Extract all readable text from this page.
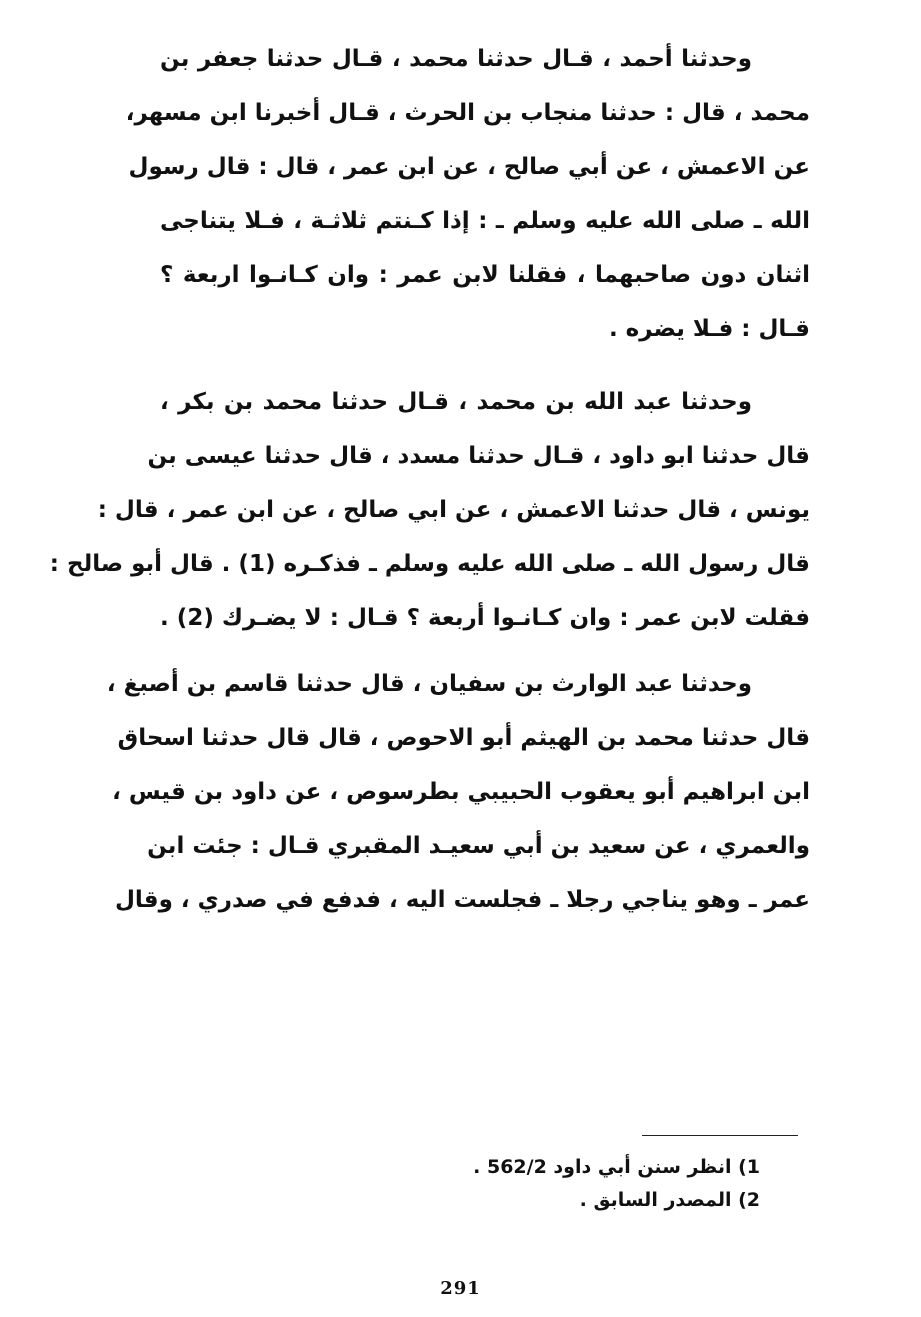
وحدثنا أحمد ، قـال حدثنا محمد ، قـال حدثنا جعفر بن
محمد ، قال : حدثنا منجاب بن الحرث ، قـال أخبرنا ابن مسهر،
عن الاعمش ، عن أبي صالح ، عن ابن عمر ، قال : قال رسول
الله ـ صلى الله عليه وسلم ـ : إذا كـنتم ثلاثـة ، فـلا يتناجى
اثنان دون صاحبهما ، فقلنا لابن عمر : وان كـانـوا اربعة ؟
قـال : فـلا يضره .
وحدثنا عبد الله بن محمد ، قـال حدثنا محمد بن بكر ،
قال حدثنا ابو داود ، قـال حدثنا مسدد ، قال حدثنا عيسى بن
يونس ، قال حدثنا الاعمش ، عن ابي صالح ، عن ابن عمر ، قال :
قال رسول الله ـ صلى الله عليه وسلم ـ فذكـره (1) . قال أبو صالح :
فقلت لابن عمر : وان كـانـوا أربعة ؟ قـال : لا يضـرك (2) .
وحدثنا عبد الوارث بن سفيان ، قال حدثنا قاسم بن أصبغ ،
قال حدثنا محمد بن الهيثم أبو الاحوص ، قال قال حدثنا اسحاق
ابن ابراهيم أبو يعقوب الحبيبي بطرسوص ، عن داود بن قيس ،
والعمري ، عن سعيد بن أبي سعيـد المقبري قـال : جئت ابن
عمر ـ وهو يناجي رجلا ـ فجلست اليه ، فدفع في صدري ، وقال
1) انظر سنن أبي داود 562/2 .
2) المصدر السابق .
291
